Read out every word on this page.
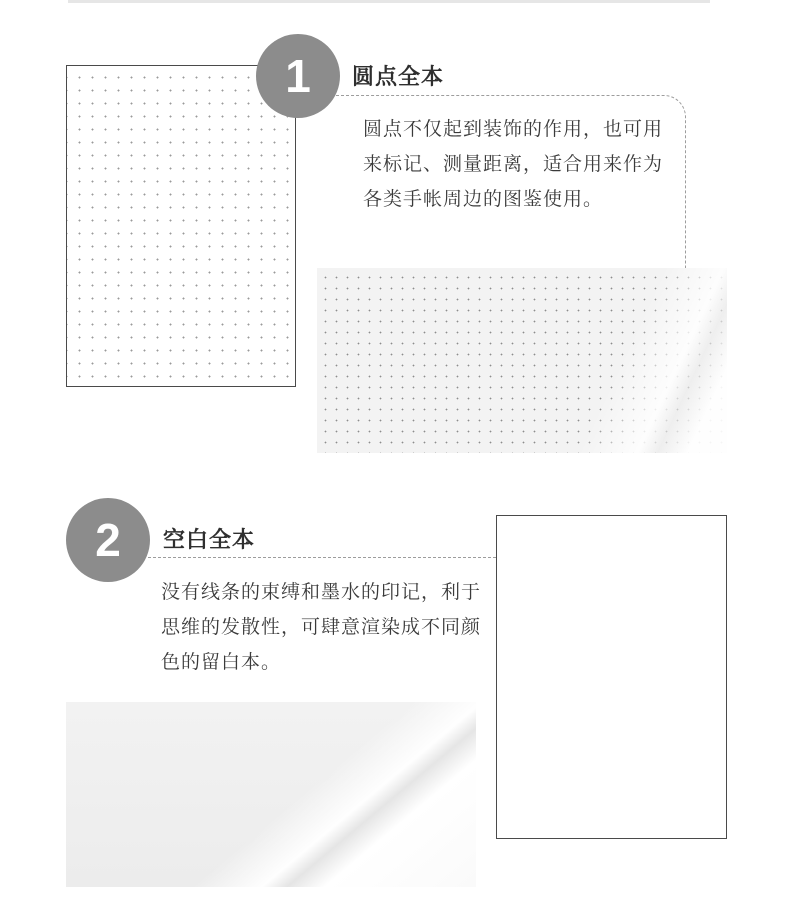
1	圆点全本
圆点不仅起到装饰的作用，也可用来标记、测量距离，适合用来作为各类手帐周边的图鉴使用。
2	空白全本
没有线条的束缚和墨水的印记，利于思维的发散性，可肆意渲染成不同颜色的留白本。
